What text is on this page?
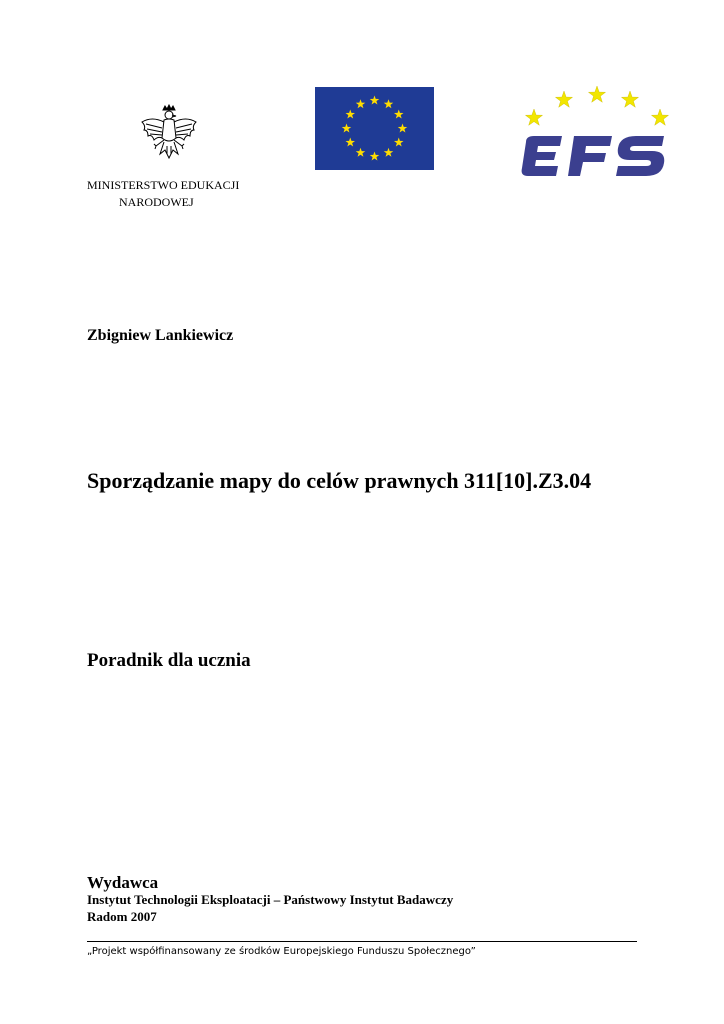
MINISTERSTWO EDUKACJI
NARODOWEJ
Zbigniew Lankiewicz
Sporządzanie mapy do celów prawnych 311[10].Z3.04
Poradnik dla ucznia
Wydawca
Instytut Technologii Eksploatacji – Państwowy Instytut Badawczy
Radom 2007
„Projekt współfinansowany ze środków Europejskiego Funduszu Społecznego”
